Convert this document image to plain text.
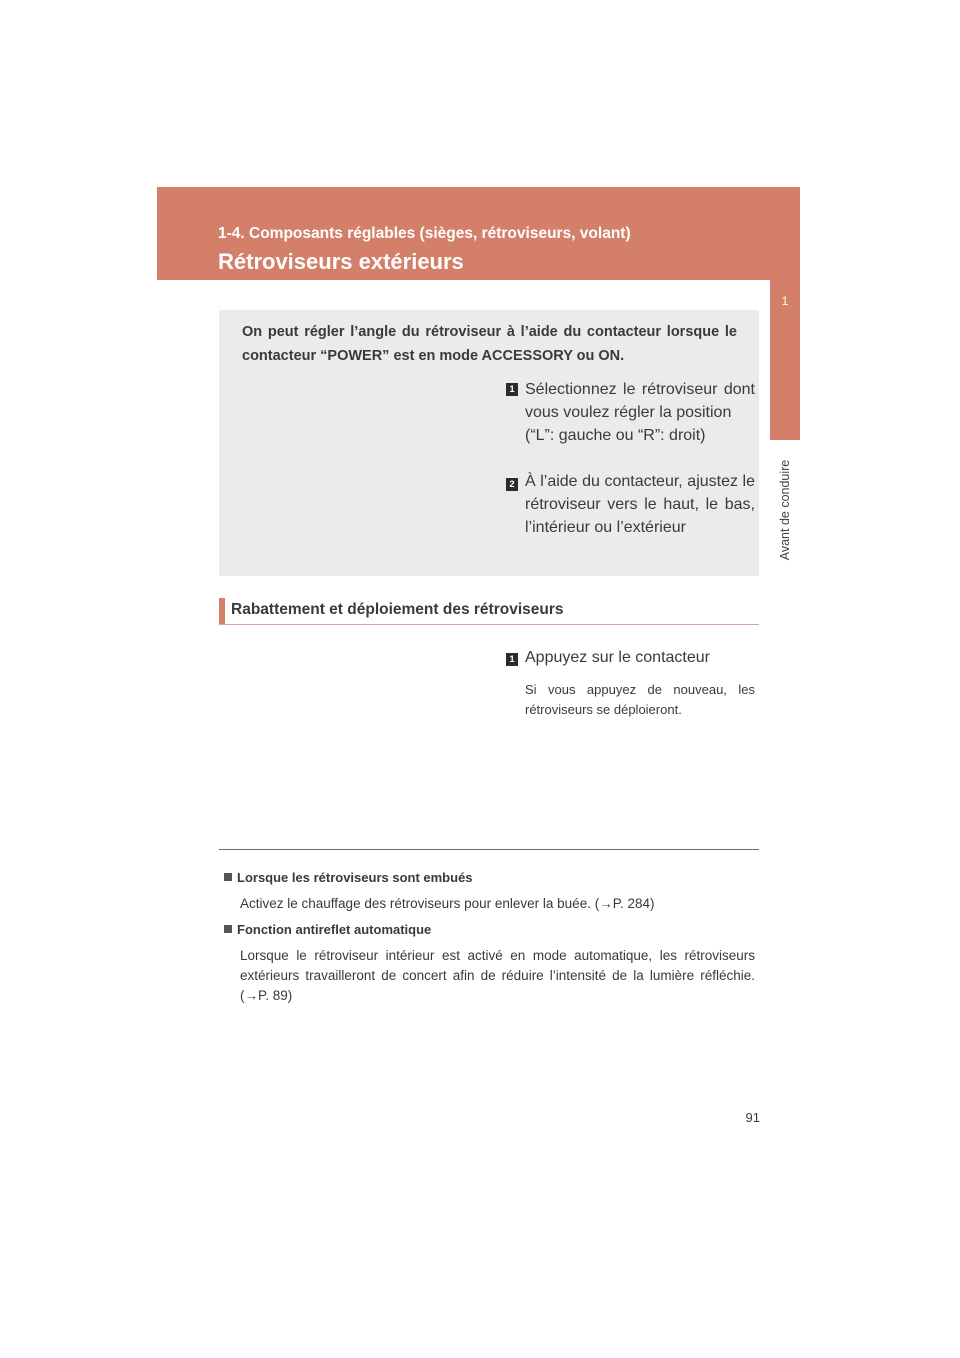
1-4. Composants réglables (sièges, rétroviseurs, volant)
Rétroviseurs extérieurs
1
Avant de conduire
On peut régler l’angle du rétroviseur à l’aide du contacteur lorsque le contacteur “POWER” est en mode ACCESSORY ou ON.
1 Sélectionnez le rétroviseur dont vous voulez régler la position
(“L”: gauche ou “R”: droit)
2 À l’aide du contacteur, ajustez le rétroviseur vers le haut, le bas, l’intérieur ou l’extérieur
Rabattement et déploiement des rétroviseurs
1 Appuyez sur le contacteur
Si vous appuyez de nouveau, les rétroviseurs se déploieront.
Lorsque les rétroviseurs sont embués
Activez le chauffage des rétroviseurs pour enlever la buée. (→P. 284)
Fonction antireflet automatique
Lorsque le rétroviseur intérieur est activé en mode automatique, les rétroviseurs extérieurs travailleront de concert afin de réduire l’intensité de la lumière réfléchie. (→P. 89)
91
